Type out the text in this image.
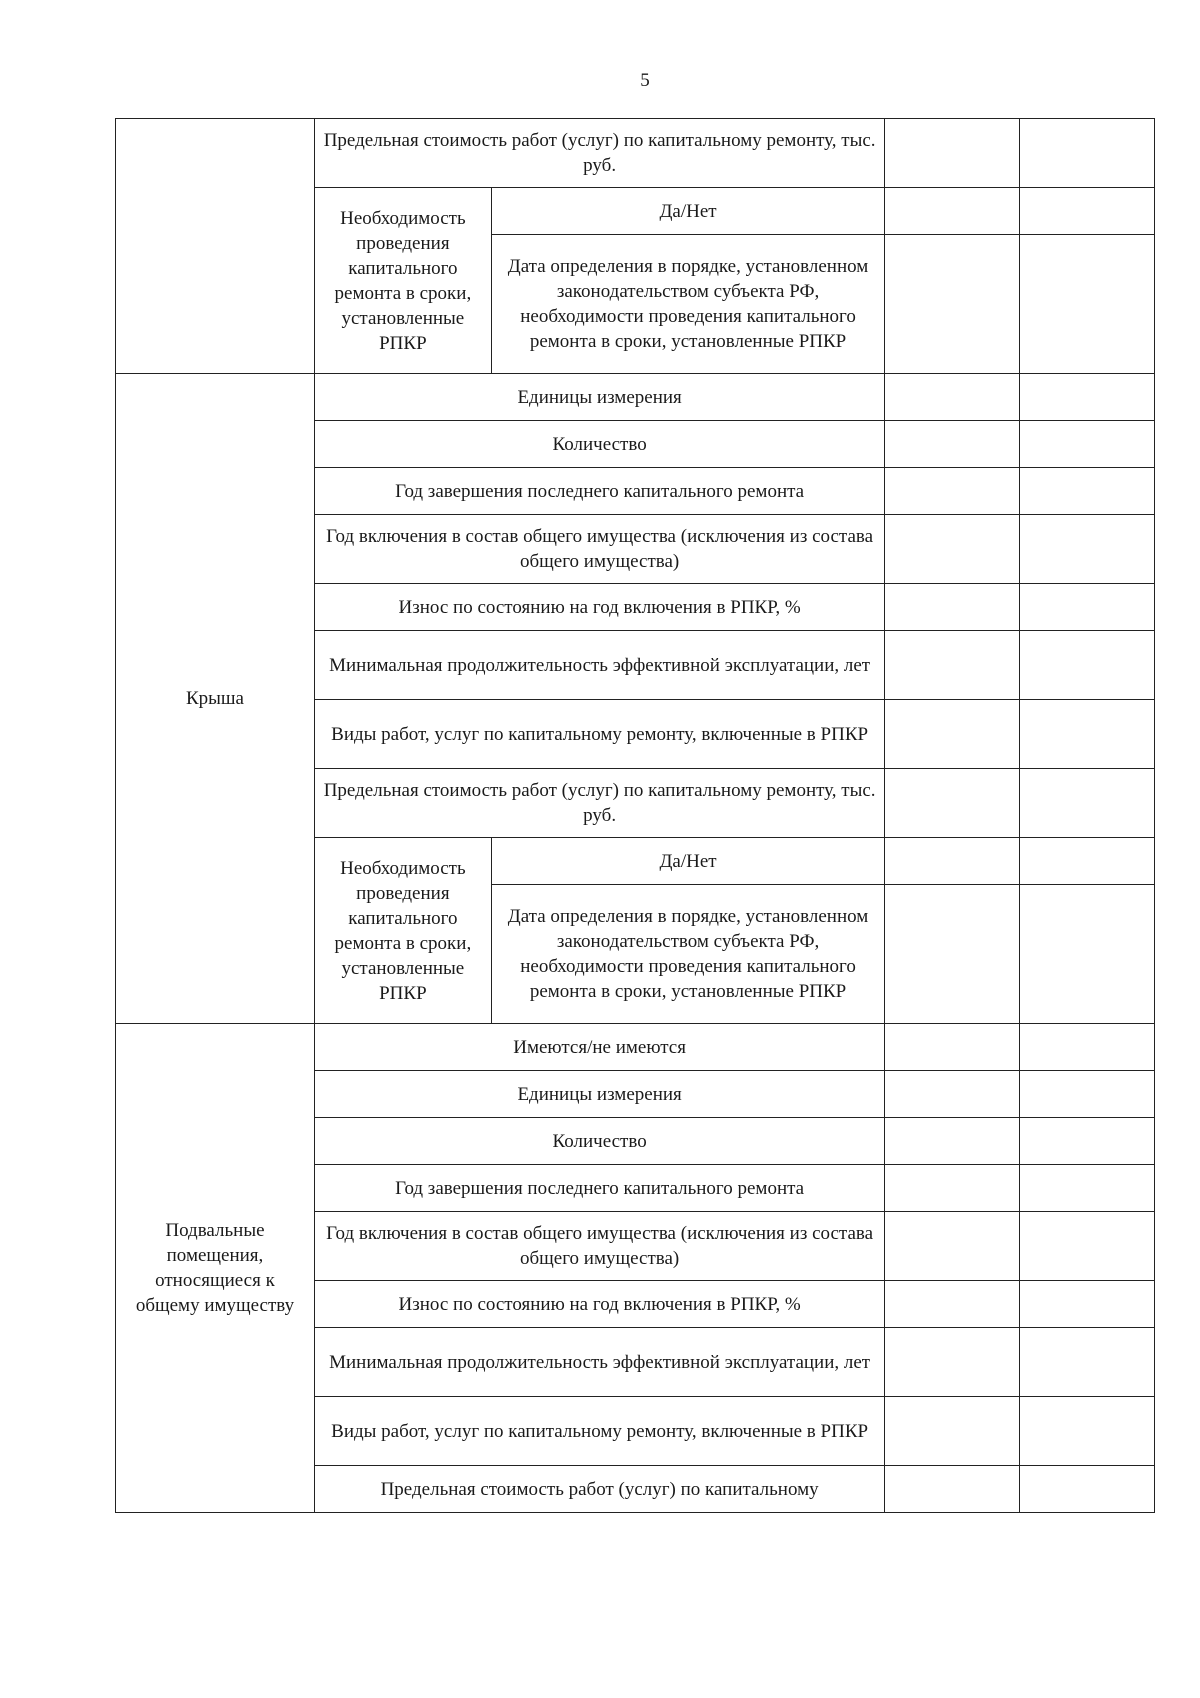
5
	Предельная стоимость работ (услуг) по капитальному ремонту, тыс. руб.			
	Необходимость проведения капитального ремонта в сроки, установленные РПКР	Да/Нет		
		Дата определения в порядке, установленном законодательством субъекта РФ, необходимости проведения капитального ремонта в сроки, установленные РПКР		
Крыша	Единицы измерения			
	Количество			
	Год завершения последнего капитального ремонта			
	Год включения в состав общего имущества (исключения из состава общего имущества)			
	Износ по состоянию на год включения в РПКР, %			
	Минимальная продолжительность эффективной эксплуатации, лет			
	Виды работ, услуг по капитальному ремонту, включенные в РПКР			
	Предельная стоимость работ (услуг) по капитальному ремонту, тыс. руб.			
	Необходимость проведения капитального ремонта в сроки, установленные РПКР	Да/Нет		
		Дата определения в порядке, установленном законодательством субъекта РФ, необходимости проведения капитального ремонта в сроки, установленные РПКР		
Подвальные помещения, относящиеся к общему имуществу	Имеются/не имеются			
	Единицы измерения			
	Количество			
	Год завершения последнего капитального ремонта			
	Год включения в состав общего имущества (исключения из состава общего имущества)			
	Износ по состоянию на год включения в РПКР, %			
	Минимальная продолжительность эффективной эксплуатации, лет			
	Виды работ, услуг по капитальному ремонту, включенные в РПКР			
	Предельная стоимость работ (услуг) по капитальному			
